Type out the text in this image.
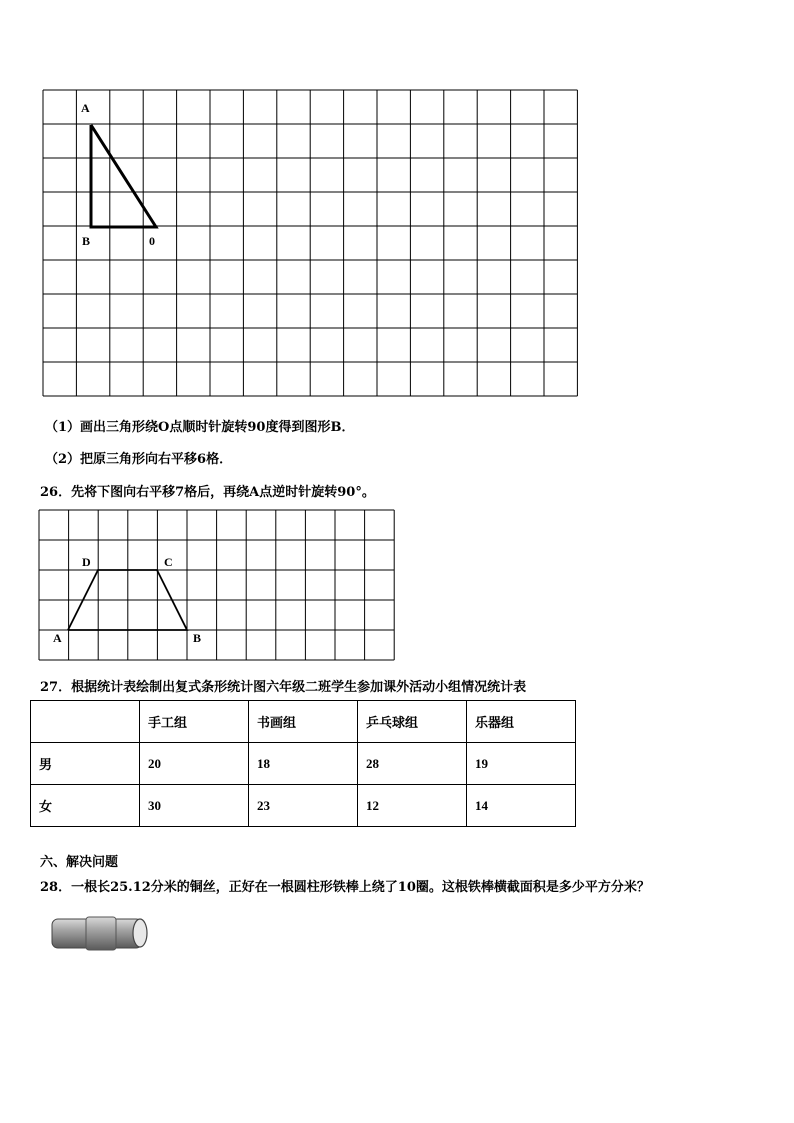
A
B	0
A	B
C
D
（1）画出三角形绕O点顺时针旋转90度得到图形B．
（2）把原三角形向右平移6格．
26．先将下图向右平移7格后，再绕A点逆时针旋转90°。
27．根据统计表绘制出复式条形统计图六年级二班学生参加课外活动小组情况统计表
	手工组	书画组	乒乓球组	乐器组
男	20	18	28	19
女	30	23	12	14
六、解决问题
28．一根长25.12分米的铜丝，正好在一根圆柱形铁棒上绕了10圈。这根铁棒横截面积是多少平方分米？
